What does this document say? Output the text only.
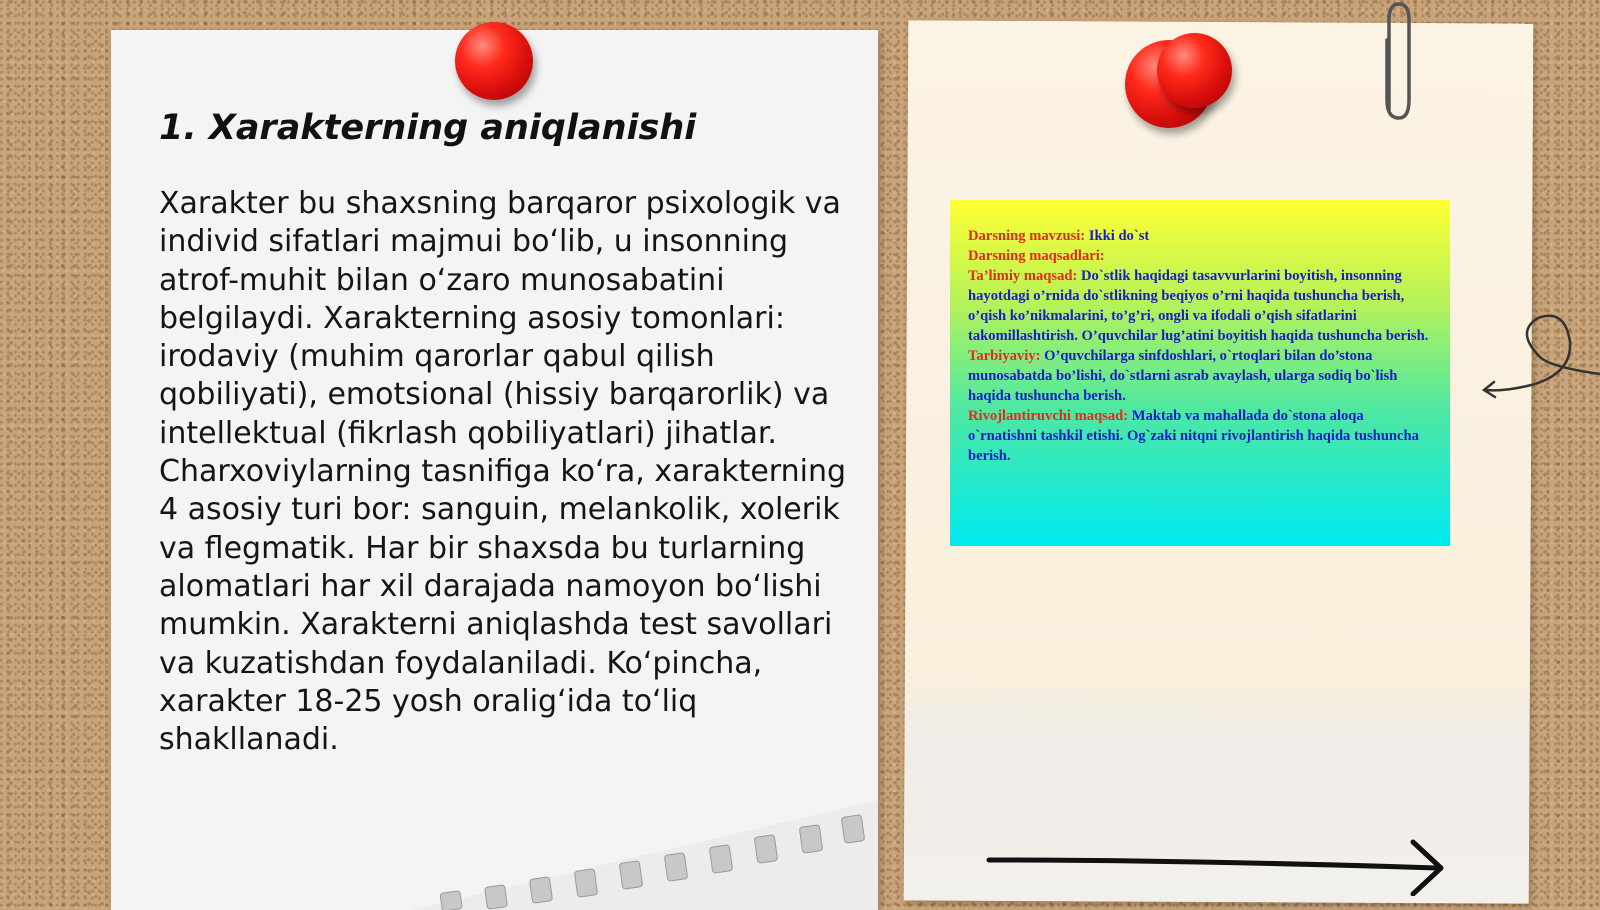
1. Xarakterning aniqlanishi

Xarakter bu shaxsning barqaror psixologik va individ sifatlari majmui bo‘lib, u insonning atrof-muhit bilan o‘zaro munosabatini belgilaydi. Xarakterning asosiy tomonlari: irodaviy (muhim qarorlar qabul qilish qobiliyati), emotsional (hissiy barqarorlik) va intellektual (fikrlash qobiliyatlari) jihatlar. Charxoviylarning tasnifiga ko‘ra, xarakterning 4 asosiy turi bor: sanguin, melankolik, xolerik va flegmatik. Har bir shaxsda bu turlarning alomatlari har xil darajada namoyon bo‘lishi mumkin. Xarakterni aniqlashda test savollari va kuzatishdan foydalaniladi. Ko‘pincha, xarakter 18-25 yosh oralig‘ida to‘liq shakllanadi.

Darsning mavzusi: Ikki do`st

Darsning maqsadlari:

Ta’limiy maqsad: Do`stlik haqidagi tasavvurlarini boyitish, insonning hayotdagi o’rnida do`stlikning beqiyos o’rni haqida tushuncha berish, o’qish ko’nikmalarini, to’g’ri, ongli va ifodali o’qish sifatlarini takomillashtirish. O’quvchilar lug’atini boyitish haqida tushuncha berish.

Tarbiyaviy: O’quvchilarga sinfdoshlari, o`rtoqlari bilan do’stona munosabatda bo’lishi, do`stlarni asrab avaylash, ularga sodiq bo`lish haqida tushuncha berish.

Rivojlantiruvchi maqsad: Maktab va mahallada do`stona aloqa o`rnatishni tashkil etishi. Og`zaki nitqni rivojlantirish haqida tushuncha berish.
